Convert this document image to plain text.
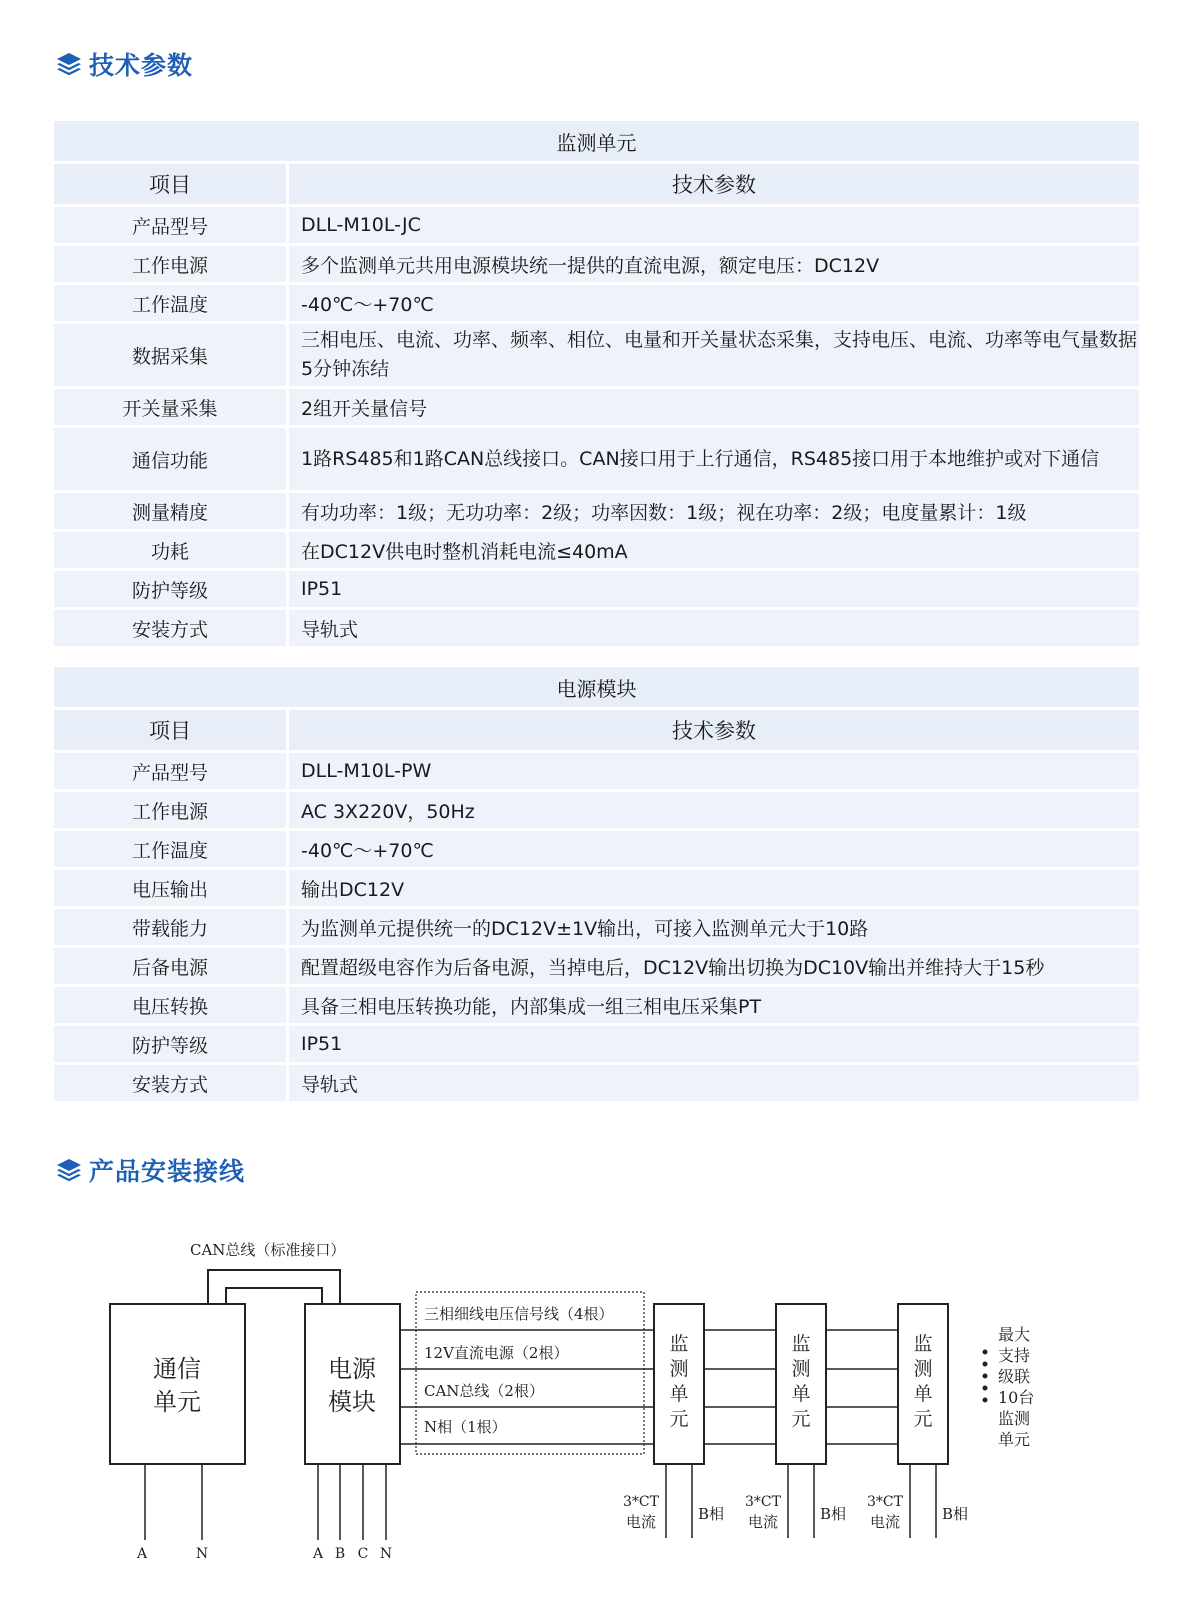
技术参数
监测单元	
项目	技术参数
产品型号	DLL-M10L-JC
工作电源	多个监测单元共用电源模块统一提供的直流电源，额定电压：DC12V
工作温度	-40℃～+70℃
数据采集	三相电压、电流、功率、频率、相位、电量和开关量状态采集，支持电压、电流、功率等电气量数据5分钟冻结
开关量采集	2组开关量信号
通信功能	1路RS485和1路CAN总线接口。CAN接口用于上行通信，RS485接口用于本地维护或对下通信
测量精度	有功功率：1级；无功功率：2级；功率因数：1级；视在功率：2级；电度量累计：1级
功耗	在DC12V供电时整机消耗电流≤40mA
防护等级	IP51
安装方式	导轨式
电源模块	
项目	技术参数
产品型号	DLL-M10L-PW
工作电源	AC 3X220V，50Hz
工作温度	-40℃～+70℃
电压输出	输出DC12V
带载能力	为监测单元提供统一的DC12V±1V输出，可接入监测单元大于10路
后备电源	配置超级电容作为后备电源，当掉电后，DC12V输出切换为DC10V输出并维持大于15秒
电压转换	具备三相电压转换功能，内部集成一组三相电压采集PT
防护等级	IP51
安装方式	导轨式
产品安装接线
CAN总线（标准接口）
通信
单元
电源
模块
三相细线电压信号线（4根）
12V直流电源（2根）
CAN总线（2根）
N相（1根）
监
测
单
元
监
测
单
元
监
测
单
元
最大
支持
级联
10台
监测
单元
A	N	A B C N
3*CT
电流	B相
3*CT
电流	B相
3*CT
电流	B相
